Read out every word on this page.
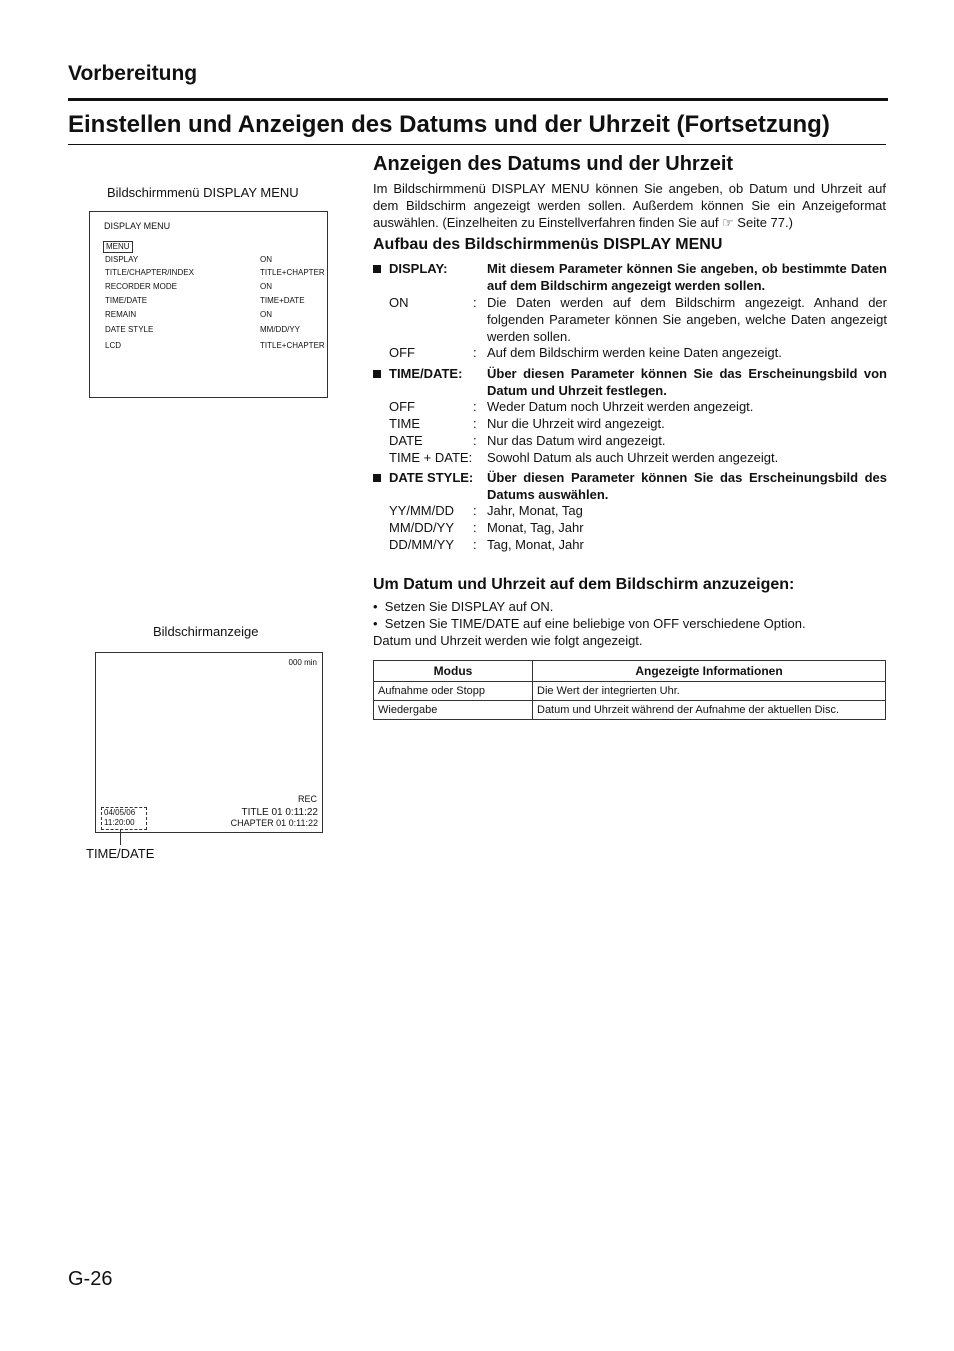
Vorbereitung
Einstellen und Anzeigen des Datums und der Uhrzeit (Fortsetzung)
Bildschirmmenü DISPLAY MENU
DISPLAY MENU
MENU
DISPLAY	ON
TITLE/CHAPTER/INDEX	TITLE+CHAPTER
RECORDER MODE	ON
TIME/DATE	TIME+DATE
REMAIN	ON
DATE STYLE	MM/DD/YY
LCD	TITLE+CHAPTER
Bildschirmanzeige
000 min
REC
TITLE 01 0:11:22
CHAPTER 01 0:11:22
04/05/06
11:20:00
TIME/DATE
Anzeigen des Datums und der Uhrzeit
Im Bildschirmmenü DISPLAY MENU können Sie angeben, ob Datum und Uhrzeit auf dem Bildschirm angezeigt werden sollen. Außerdem können Sie ein Anzeigeformat auswählen. (Einzelheiten zu Einstellverfahren finden Sie auf ☞ Seite 77.)
Aufbau des Bildschirmmenüs DISPLAY MENU
DISPLAY:	Mit diesem Parameter können Sie angeben, ob bestimmte Daten auf dem Bildschirm angezeigt werden sollen.
ON	: Die Daten werden auf dem Bildschirm angezeigt. Anhand der folgenden Parameter können Sie angeben, welche Daten angezeigt werden sollen.
OFF	: Auf dem Bildschirm werden keine Daten angezeigt.
TIME/DATE: Über diesen Parameter können Sie das Erscheinungsbild von Datum und Uhrzeit festlegen.
OFF	: Weder Datum noch Uhrzeit werden angezeigt.
TIME	: Nur die Uhrzeit wird angezeigt.
DATE	: Nur das Datum wird angezeigt.
TIME + DATE: Sowohl Datum als auch Uhrzeit werden angezeigt.
DATE STYLE: Über diesen Parameter können Sie das Erscheinungsbild des Datums auswählen.
YY/MM/DD : Jahr, Monat, Tag
MM/DD/YY : Monat, Tag, Jahr
DD/MM/YY : Tag, Monat, Jahr
Um Datum und Uhrzeit auf dem Bildschirm anzuzeigen:
•  Setzen Sie DISPLAY auf ON.
•  Setzen Sie TIME/DATE auf eine beliebige von OFF verschiedene Option.
Datum und Uhrzeit werden wie folgt angezeigt.
Modus	Angezeigte Informationen
Aufnahme oder Stopp	Die Wert der integrierten Uhr.
Wiedergabe	Datum und Uhrzeit während der Aufnahme der aktuellen Disc.
G-26
